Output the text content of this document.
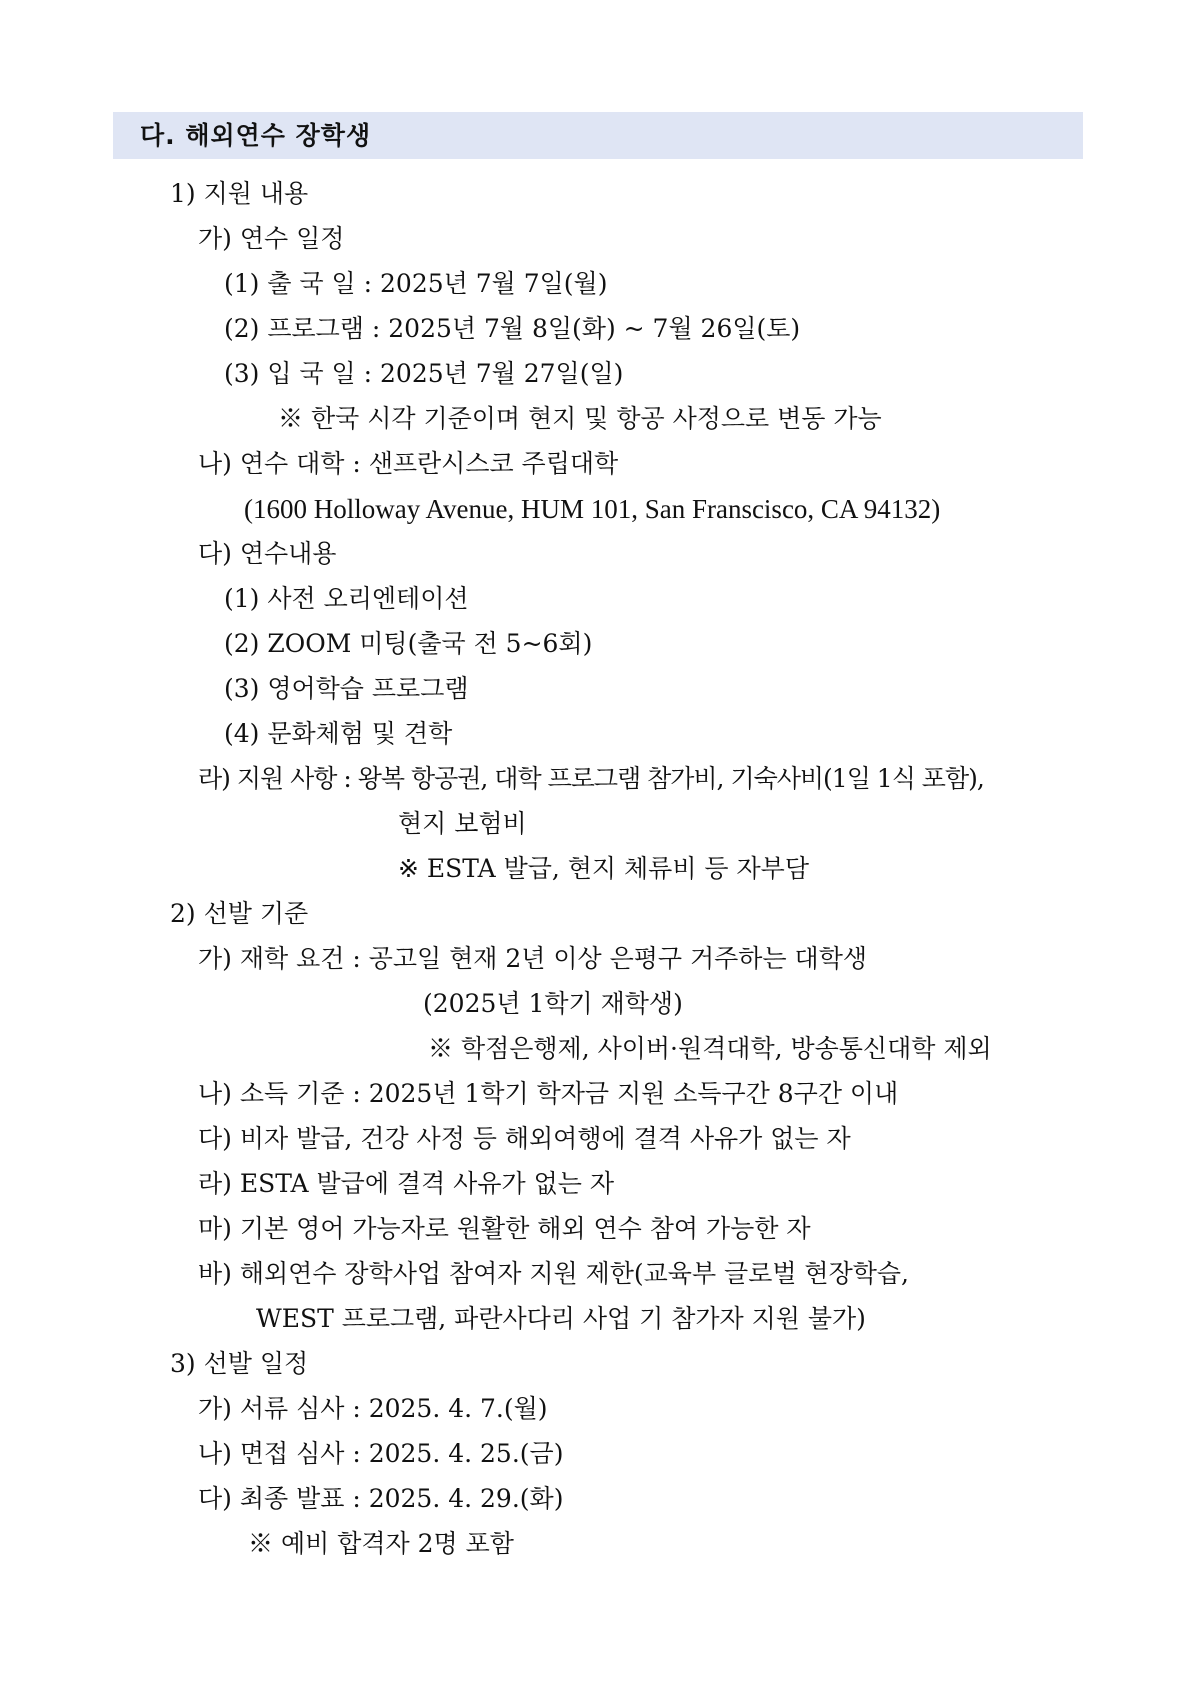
다. 해외연수 장학생
1) 지원 내용
가) 연수 일정
(1) 출 국 일 : 2025년 7월 7일(월)
(2) 프로그램 : 2025년 7월 8일(화) ~ 7월 26일(토)
(3) 입 국 일 : 2025년 7월 27일(일)
※ 한국 시각 기준이며 현지 및 항공 사정으로 변동 가능
나) 연수 대학 : 샌프란시스코 주립대학
(1600 Holloway Avenue, HUM 101, San Franscisco, CA 94132)
다) 연수내용
(1) 사전 오리엔테이션
(2) ZOOM 미팅(출국 전 5~6회)
(3) 영어학습 프로그램
(4) 문화체험 및 견학
라) 지원 사항 : 왕복 항공권, 대학 프로그램 참가비, 기숙사비(1일 1식 포함),
현지 보험비
※ ESTA 발급, 현지 체류비 등 자부담
2) 선발 기준
가) 재학 요건 : 공고일 현재 2년 이상 은평구 거주하는 대학생
(2025년 1학기 재학생)
※ 학점은행제, 사이버·원격대학, 방송통신대학 제외
나) 소득 기준 : 2025년 1학기 학자금 지원 소득구간 8구간 이내
다) 비자 발급, 건강 사정 등 해외여행에 결격 사유가 없는 자
라) ESTA 발급에 결격 사유가 없는 자
마) 기본 영어 가능자로 원활한 해외 연수 참여 가능한 자
바) 해외연수 장학사업 참여자 지원 제한(교육부 글로벌 현장학습,
WEST 프로그램, 파란사다리 사업 기 참가자 지원 불가)
3) 선발 일정
가) 서류 심사 : 2025. 4. 7.(월)
나) 면접 심사 : 2025. 4. 25.(금)
다) 최종 발표 : 2025. 4. 29.(화)
※ 예비 합격자 2명 포함
